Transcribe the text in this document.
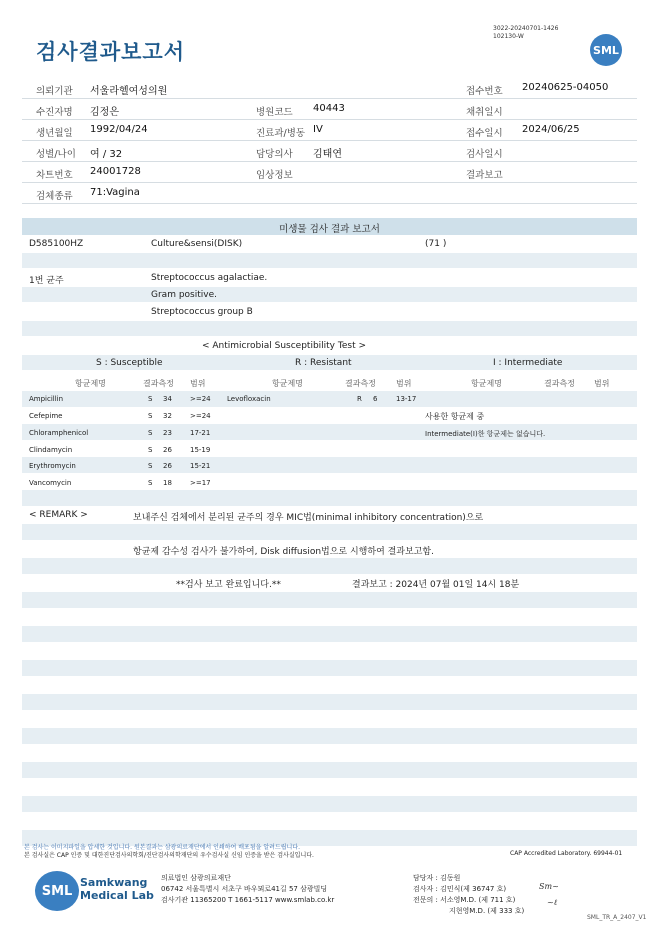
검사결과보고서
3022-20240701-1426
102130-W
SML
의뢰기관 서울라헬여성의원	접수번호 20240625-04050
수진자명 김정은	병원코드 40443	채취일시
생년월일 1992/04/24	진료과/병동 IV	접수일시 2024/06/25
성별/나이 여 / 32	담당의사 김태연	검사일시
차트번호 24001728	임상정보	결과보고
검체종류 71:Vagina
미생물 검사 결과 보고서
D585100HZ	Culture&sensi(DISK)	(71 )
1번 균주	Streptococcus agalactiae.
Gram positive.
Streptococcus group B
< Antimicrobial Susceptibility Test >
S : Susceptible	R : Resistant	I : Intermediate
항균제명	결과측정 범위	항균제명	결과측정	범위	항균제명	결과측정 범위
Ampicillin	S 34	>=24 Levofloxacin	R 6	13-17
Cefepime	S 32	>=24	사용한 항균제 중
Chloramphenicol	S 23	17-21	Intermediate(I)한 항균제는 없습니다.
Clindamycin	S 26	15-19
Erythromycin	S 26	15-21
Vancomycin	S 18	>=17
< REMARK >	보내주신 검체에서 분리된 균주의 경우 MIC법(minimal inhibitory concentration)으로
항균제 감수성 검사가 불가하여, Disk diffusion법으로 시행하여 결과보고함.
**검사 보고 완료입니다.**	결과보고 : 2024년 07월 01일 14시 18분
본 검사는 이미지파일을 압세한 것입니다. 원본결과는 삼광의료재단에서 인쇄하여 배포됨을 알려드립니다.
본 검사실은 CAP 인증 및 대한진단검사의학회/진단검사의학재단의 우수검사실 신임 인증을 받은 검사실입니다.	CAP Accredited Laboratory. 69944-01
SML
Samkwang
Medical Lab
의료법인 삼광의료재단
06742 서울특별시 서초구 바우뫼로41길 57 삼광빌딩
검사기관 11365200 T 1661-5117 www.smlab.co.kr
담당자 : 김동원
검사자 : 김민식(제 36747 호)
전문의 : 서소영M.D. (제 711 호)
지현영M.D. (제 333 호)
Sm~
~ℓ
SML_TR_A_2407_V1
